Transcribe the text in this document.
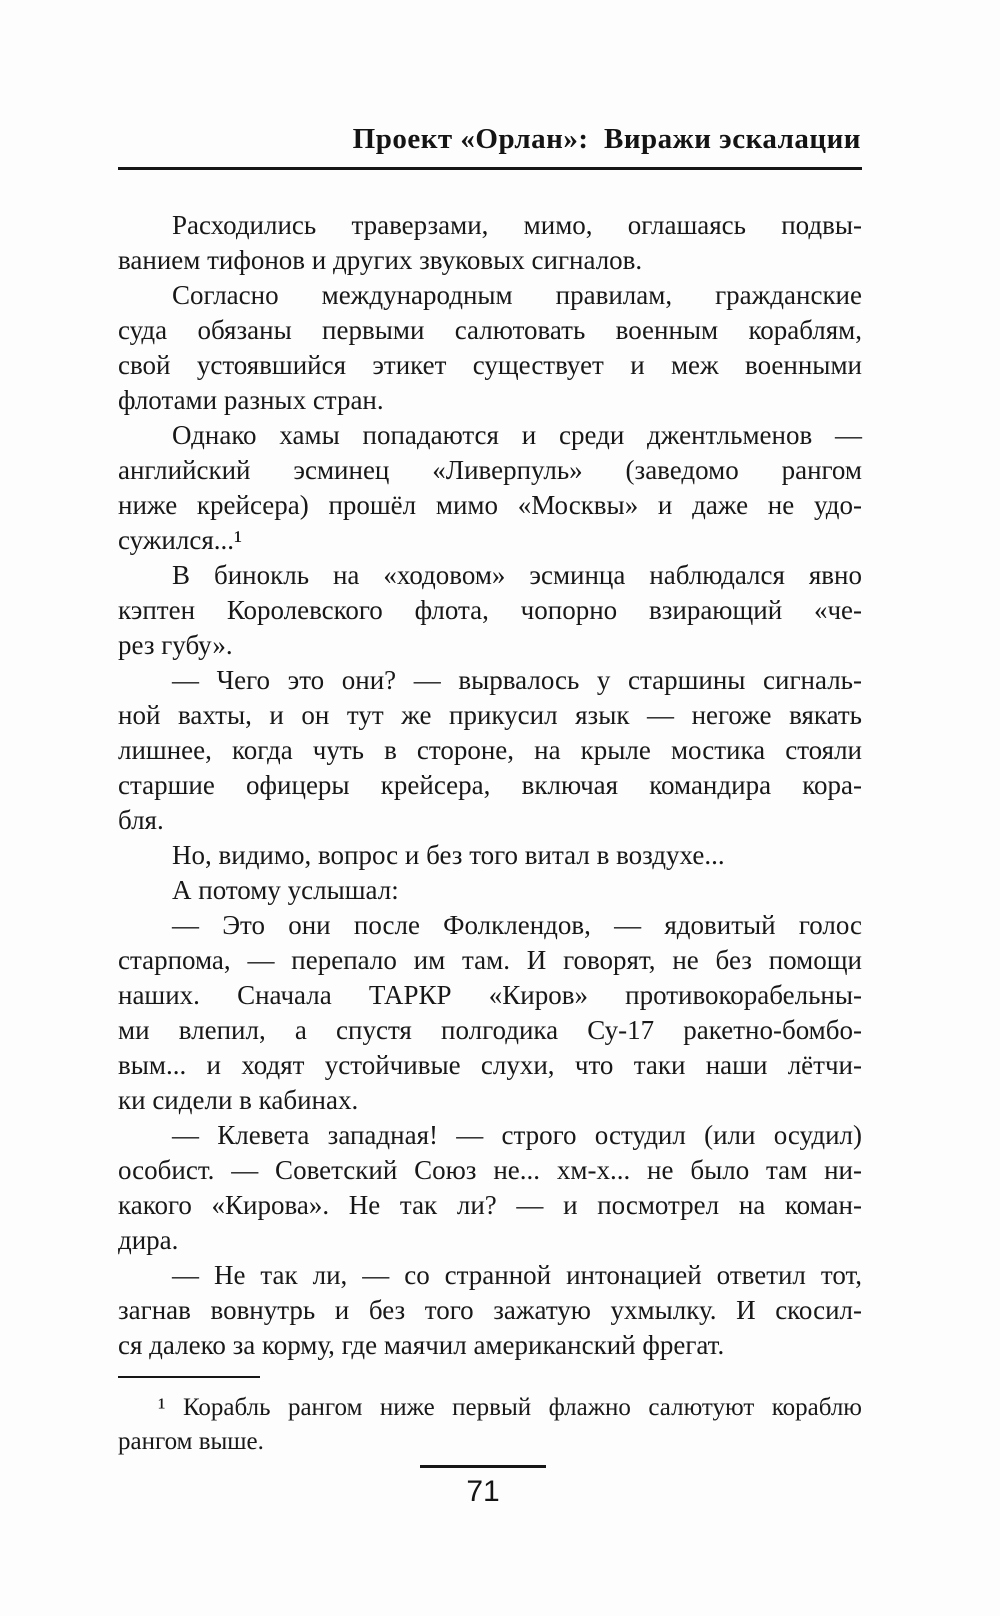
Проект «Орлан»:  Виражи эскалации
Расходились траверзами, мимо, оглашаясь подвы-
ванием тифонов и других звуковых сигналов.
Согласно международным правилам, гражданские
суда обязаны первыми салютовать военным кораблям,
свой устоявшийся этикет существует и меж военными
флотами разных стран.
Однако хамы попадаются и среди джентльменов —
английский эсминец «Ливерпуль» (заведомо рангом
ниже крейсера) прошёл мимо «Москвы» и даже не удо-
сужился...¹
В бинокль на «ходовом» эсминца наблюдался явно
кэптен Королевского флота, чопорно взирающий «че-
рез губу».
— Чего это они? — вырвалось у старшины сигналь-
ной вахты, и он тут же прикусил язык — негоже вякать
лишнее, когда чуть в стороне, на крыле мостика стояли
старшие офицеры крейсера, включая командира кора-
бля.
Но, видимо, вопрос и без того витал в воздухе...
А потому услышал:
— Это они после Фолклендов, — ядовитый голос
старпома, — перепало им там. И говорят, не без помощи
наших. Сначала ТАРКР «Киров» противокорабельны-
ми влепил, а спустя полгодика Су-17 ракетно-бомбо-
вым... и ходят устойчивые слухи, что таки наши лётчи-
ки сидели в кабинах.
— Клевета западная! — строго остудил (или осудил)
особист. — Советский Союз не... хм-х... не было там ни-
какого «Кирова». Не так ли? — и посмотрел на коман-
дира.
— Не так ли, — со странной интонацией ответил тот,
загнав вовнутрь и без того зажатую ухмылку. И скосил-
ся далеко за корму, где маячил американский фрегат.
¹ Корабль рангом ниже первый флажно салютуют кораблю
рангом выше.
71
